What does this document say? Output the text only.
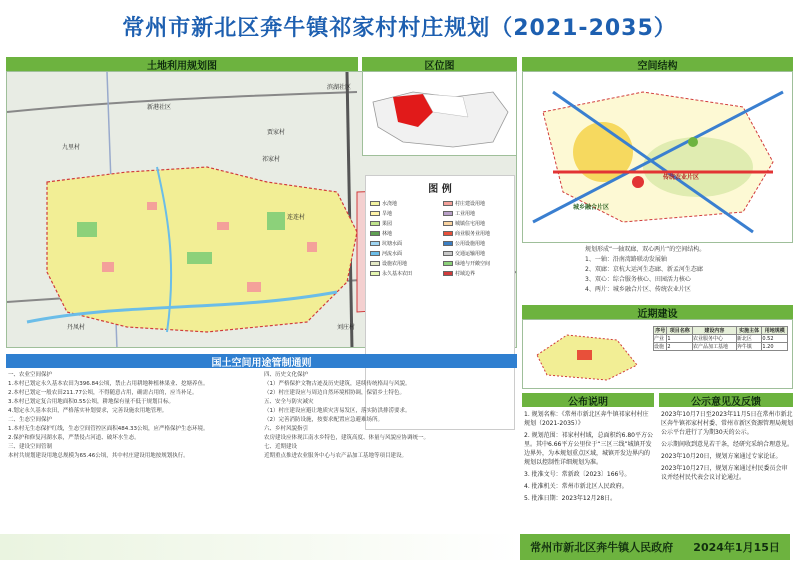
常州市新北区奔牛镇祁家村村庄规划（2021-2035）
土地利用规划图
滨湖社区
新港社区
九里村
贾家村
祁家村
连连村
丹凤村	刘庄村
区位图
图 例
水浇地	村庄建设用地
旱地	工业用地
果园	城镇住宅用地
林地	商业服务业用地
坑塘水面	公用设施用地
河流水面	交通运输用地
设施农用地	绿地与开敞空间
永久基本农田	村域边界
空间结构
城乡融合片区
传统农业片区

规划形成“一轴双廊、双心两片”的空间结构。

1、一轴：沿南湾路联动发展轴

2、双廊：京杭大运河生态廊、新孟河生态廊

3、双心：综合服务核心、田园活力核心

4、两片：城乡融合片区、传统农业片区

近期建设
序号	项目名称	建设内容	实施主体	用地规模
产业	1	农业服务中心	新北区	0.52
设施	2	农产品加工基地	奔牛镇	1.20
国土空间用途管制通则

一、农业空间保护

1.本村已划定永久基本农田为396.84公顷，禁止占用耕地种植林果业、挖塘养鱼。

2.本村已划定一般农田211.77公顷，不得随意占用，确需占用的，应当补足。

3.本村已划定复合用地面积0.55公顷，耕地保有量不低于规划目标。

4.划定永久基本农田，严格落实补划要求，完善设施农用地管理。

二、生态空间保护

1.本村无生态保护红线，生态空间管控区面积484.33公顷，应严格保护生态环境。

2.保护和修复河湖水系，严禁侵占河道、破坏水生态。

三、建设空间管制

本村共规划建设用地总规模为65.46公顷，其中村庄建设用地按规划执行。

四、历史文化保护

（1）严格保护文物古迹及历史建筑，延续传统格局与风貌。

（2）村庄建设应与周边自然环境相协调，保留乡土特色。

五、安全与防灾减灾

（1）村庄建设应避让地质灾害易发区，落实防洪排涝要求。

（2）完善消防设施，按要求配置应急避难场所。

六、乡村风貌指引

农房建设应体现江南水乡特色，建筑高度、体量与风貌应协调统一。

七、近期建设

近期重点推进农业服务中心与农产品加工基地等项目建设。

公布说明	公示意见及反馈

1. 规划名称：《常州市新北区奔牛镇祁家村村庄规划（2021-2035）》

2. 规划范围：祁家村村域，总面积约6.80平方公里。其中6.66平方公里位于“三区三线”城镇开发边界外，为本规划重点区域，城镇开发边界内的规划以控制性详细规划为准。

3. 批准文号：常新政〔2023〕166号。

4. 批准机关：常州市新北区人民政府。

5. 批准日期：2023年12月28日。

2023年10月7日至2023年11月5日在常州市新北区奔牛镇祁家村村委、常州市新区资源管理局规划公示平台进行了为期30天的公示。

公示期间收到意见若干条，经研究采纳合理意见。

2023年10月20日，规划方案通过专家论证。

2023年10月27日，规划方案通过村民委员会审议并经村民代表会议讨论通过。

常州市新北区奔牛镇人民政府 2024年1月15日
